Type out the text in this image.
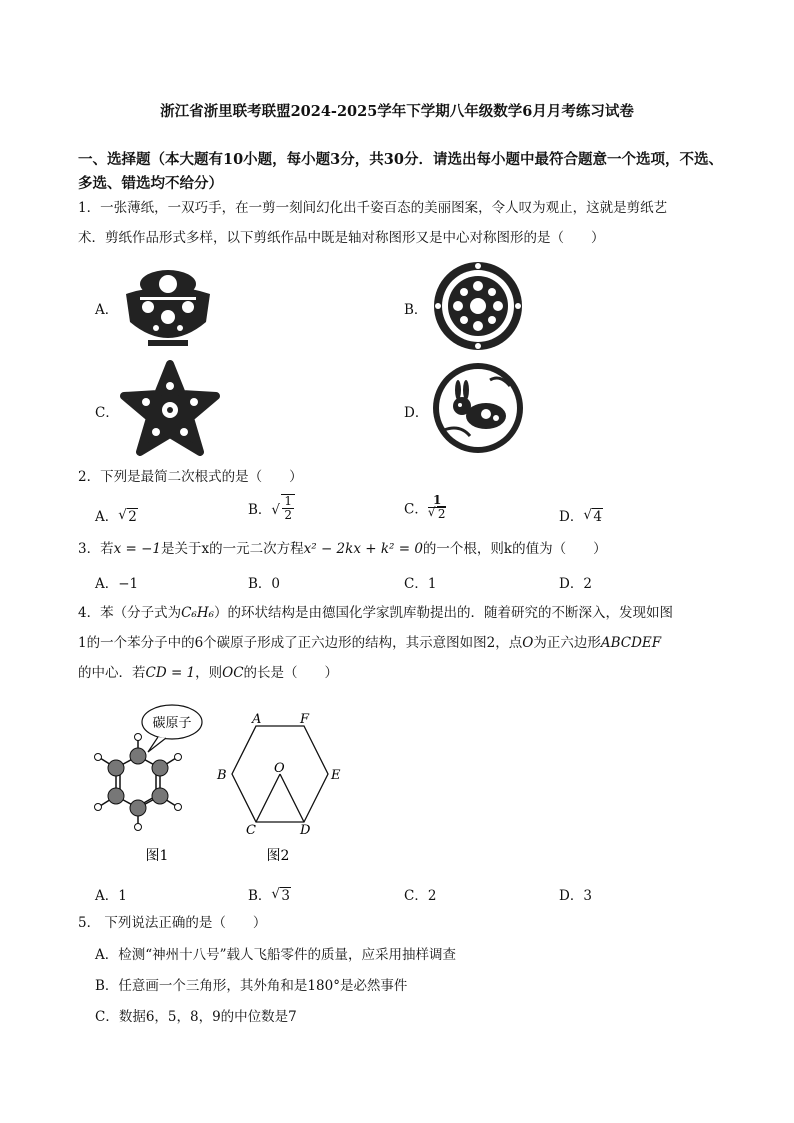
浙江省浙里联考联盟2024-2025学年下学期八年级数学6月月考练习试卷
一、选择题（本大题有10小题，每小题3分，共30分．请选出每小题中最符合题意一个选项，不选、多选、错选均不给分）
1．一张薄纸，一双巧手，在一剪一刻间幻化出千姿百态的美丽图案，令人叹为观止，这就是剪纸艺
术．剪纸作品形式多样，以下剪纸作品中既是轴对称图形又是中心对称图形的是（　　）
A．	B．
C．	D．
2．下列是最简二次根式的是（　　）
A． √ 2	B． √ $\frac{1}{2}$	C． $\frac{1}{√ 2}$	D． √ 4
3．若x = −1是关于x的一元二次方程x² − 2kx + k² = 0的一个根，则k的值为（　　）
A．−1	B．0	C．1	D．2
4．苯（分子式为C₆H₆）的环状结构是由德国化学家凯库勒提出的．随着研究的不断深入，发现如图
1的一个苯分子中的6个碳原子形成了正六边形的结构，其示意图如图2，点O为正六边形ABCDEF
的中心．若CD = 1，则OC的长是（　　）
碳原子
图1
A	F
B	E
O
C	D
图2
A．1	B． √ 3	C．2	D．3
5． 下列说法正确的是（　　）
A．检测“神州十八号”载人飞船零件的质量，应采用抽样调查
B．任意画一个三角形，其外角和是180°是必然事件
C．数据6，5，8，9的中位数是7
